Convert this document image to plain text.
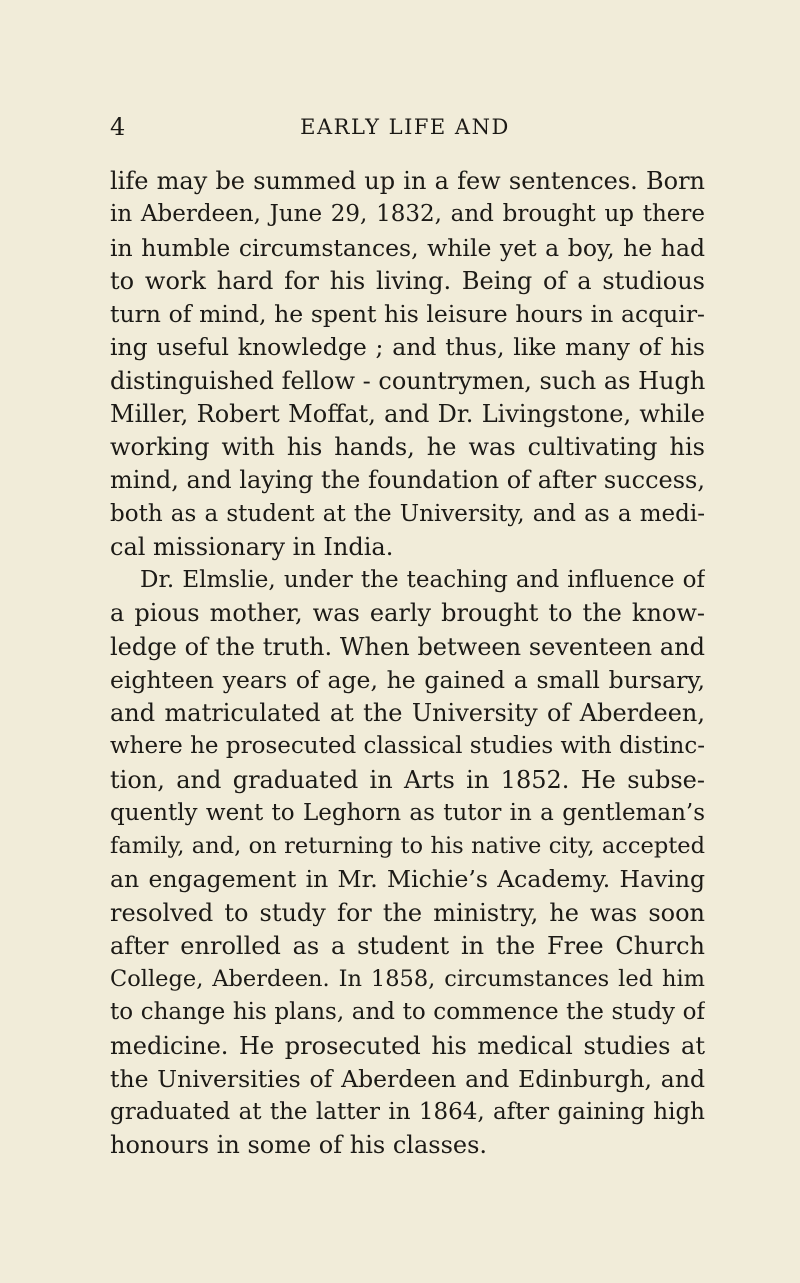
4	EARLY LIFE AND
life may be summed up in a few sentences. Born
in Aberdeen, June 29, 1832, and brought up there
in humble circumstances, while yet a boy, he had
to work hard for his living. Being of a studious
turn of mind, he spent his leisure hours in acquir-
ing useful knowledge ; and thus, like many of his
distinguished fellow - countrymen, such as Hugh
Miller, Robert Moffat, and Dr. Livingstone, while
working with his hands, he was cultivating his
mind, and laying the foundation of after success,
both as a student at the University, and as a medi-
cal missionary in India.
Dr. Elmslie, under the teaching and influence of
a pious mother, was early brought to the know-
ledge of the truth. When between seventeen and
eighteen years of age, he gained a small bursary,
and matriculated at the University of Aberdeen,
where he prosecuted classical studies with distinc-
tion, and graduated in Arts in 1852. He subse-
quently went to Leghorn as tutor in a gentleman’s
family, and, on returning to his native city, accepted
an engagement in Mr. Michie’s Academy. Having
resolved to study for the ministry, he was soon
after enrolled as a student in the Free Church
College, Aberdeen. In 1858, circumstances led him
to change his plans, and to commence the study of
medicine. He prosecuted his medical studies at
the Universities of Aberdeen and Edinburgh, and
graduated at the latter in 1864, after gaining high
honours in some of his classes.
